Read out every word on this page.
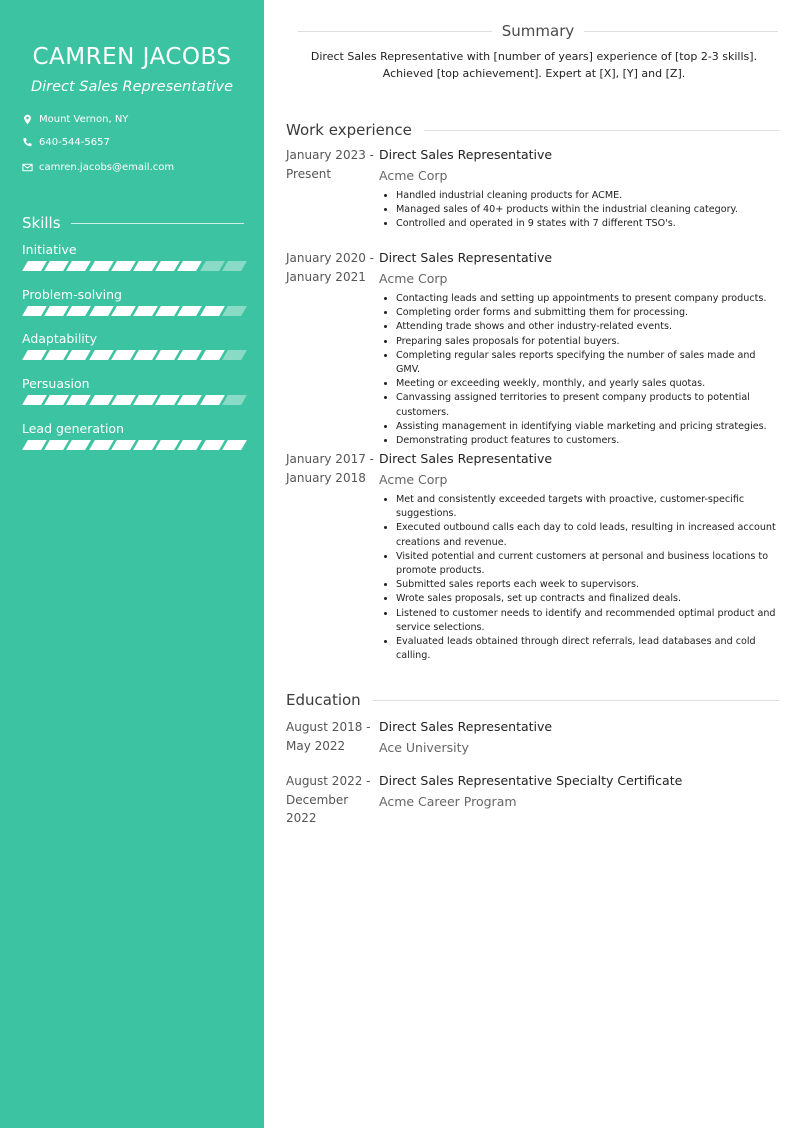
CAMREN JACOBS
Direct Sales Representative
Mount Vernon, NY
640-544-5657
camren.jacobs@email.com
Skills
Initiative
Problem-solving
Adaptability
Persuasion
Lead generation
Summary
Direct Sales Representative with [number of years] experience of [top 2-3 skills]. Achieved [top achievement]. Expert at [X], [Y] and [Z].
Work experience
January 2023 -
Present
Direct Sales Representative
Acme Corp
• Handled industrial cleaning products for ACME.
• Managed sales of 40+ products within the industrial cleaning category.
• Controlled and operated in 9 states with 7 different TSO's.
January 2020 -
January 2021
Direct Sales Representative
Acme Corp
• Contacting leads and setting up appointments to present company products.
• Completing order forms and submitting them for processing.
• Attending trade shows and other industry-related events.
• Preparing sales proposals for potential buyers.
• Completing regular sales reports specifying the number of sales made and GMV.
• Meeting or exceeding weekly, monthly, and yearly sales quotas.
• Canvassing assigned territories to present company products to potential customers.
• Assisting management in identifying viable marketing and pricing strategies.
• Demonstrating product features to customers.
January 2017 -
January 2018
Direct Sales Representative
Acme Corp
• Met and consistently exceeded targets with proactive, customer-specific suggestions.
• Executed outbound calls each day to cold leads, resulting in increased account creations and revenue.
• Visited potential and current customers at personal and business locations to promote products.
• Submitted sales reports each week to supervisors.
• Wrote sales proposals, set up contracts and finalized deals.
• Listened to customer needs to identify and recommended optimal product and service selections.
• Evaluated leads obtained through direct referrals, lead databases and cold calling.
Education
August 2018 -
May 2022
Direct Sales Representative
Ace University
August 2022 -
December 2022
Direct Sales Representative Specialty Certificate
Acme Career Program
